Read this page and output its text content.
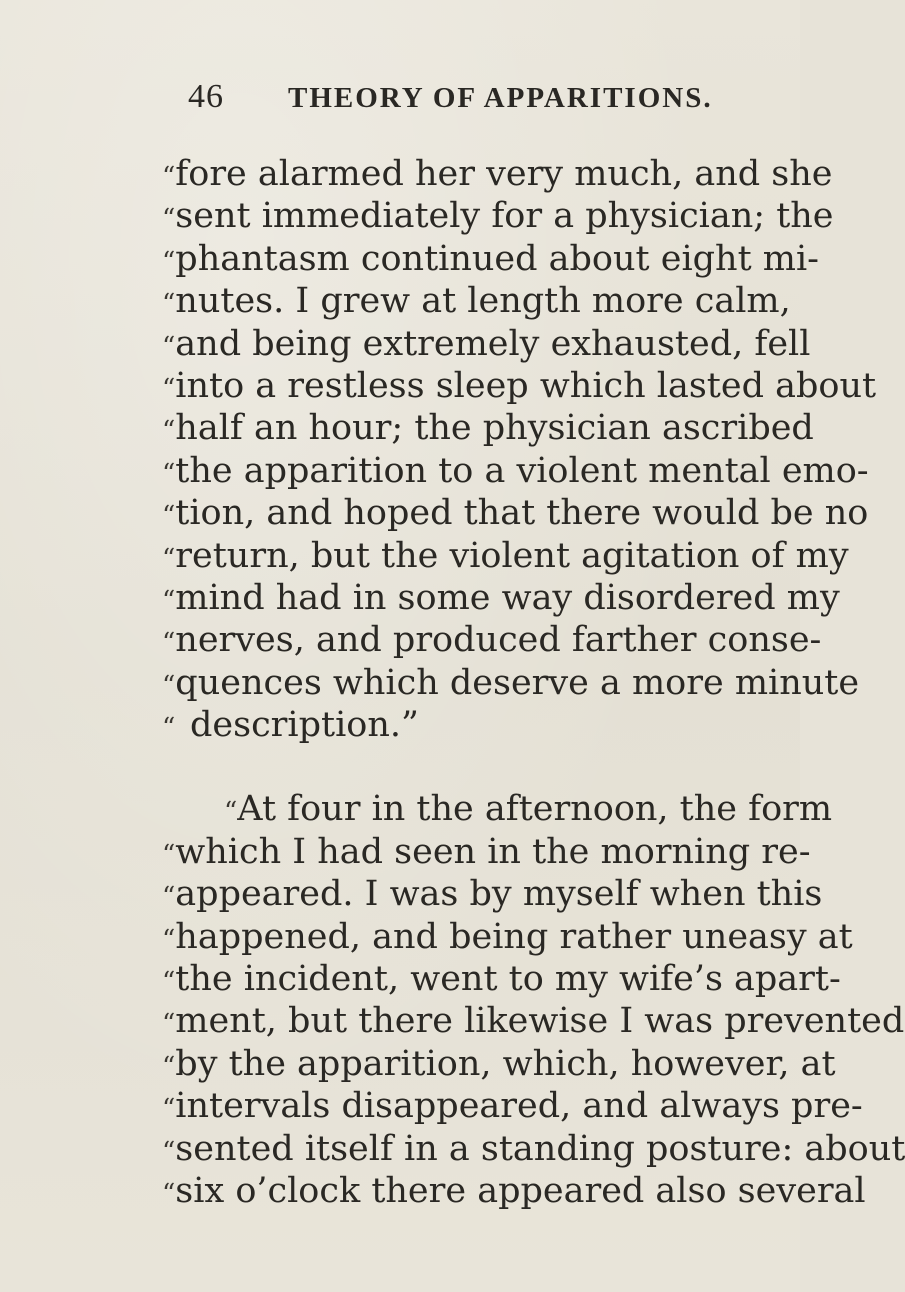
46	THEORY OF APPARITIONS.
“ fore alarmed her very much, and she
“ sent immediately for a physician; the
“ phantasm continued about eight mi-
“ nutes. I grew at length more calm,
“ and being extremely exhausted, fell
“ into a restless sleep which lasted about
“ half an hour; the physician ascribed
“ the apparition to a violent mental emo-
“ tion, and hoped that there would be no
“ return, but the violent agitation of my
“ mind had in some way disordered my
“ nerves, and produced farther conse-
“ quences which deserve a more minute
“ description.”
“ At four in the afternoon, the form
“ which I had seen in the morning re-
“ appeared. I was by myself when this
“ happened, and being rather uneasy at
“ the incident, went to my wife’s apart-
“ ment, but there likewise I was prevented
“ by the apparition, which, however, at
“ intervals disappeared, and always pre-
“ sented itself in a standing posture: about
“ six o’clock there appeared also several
